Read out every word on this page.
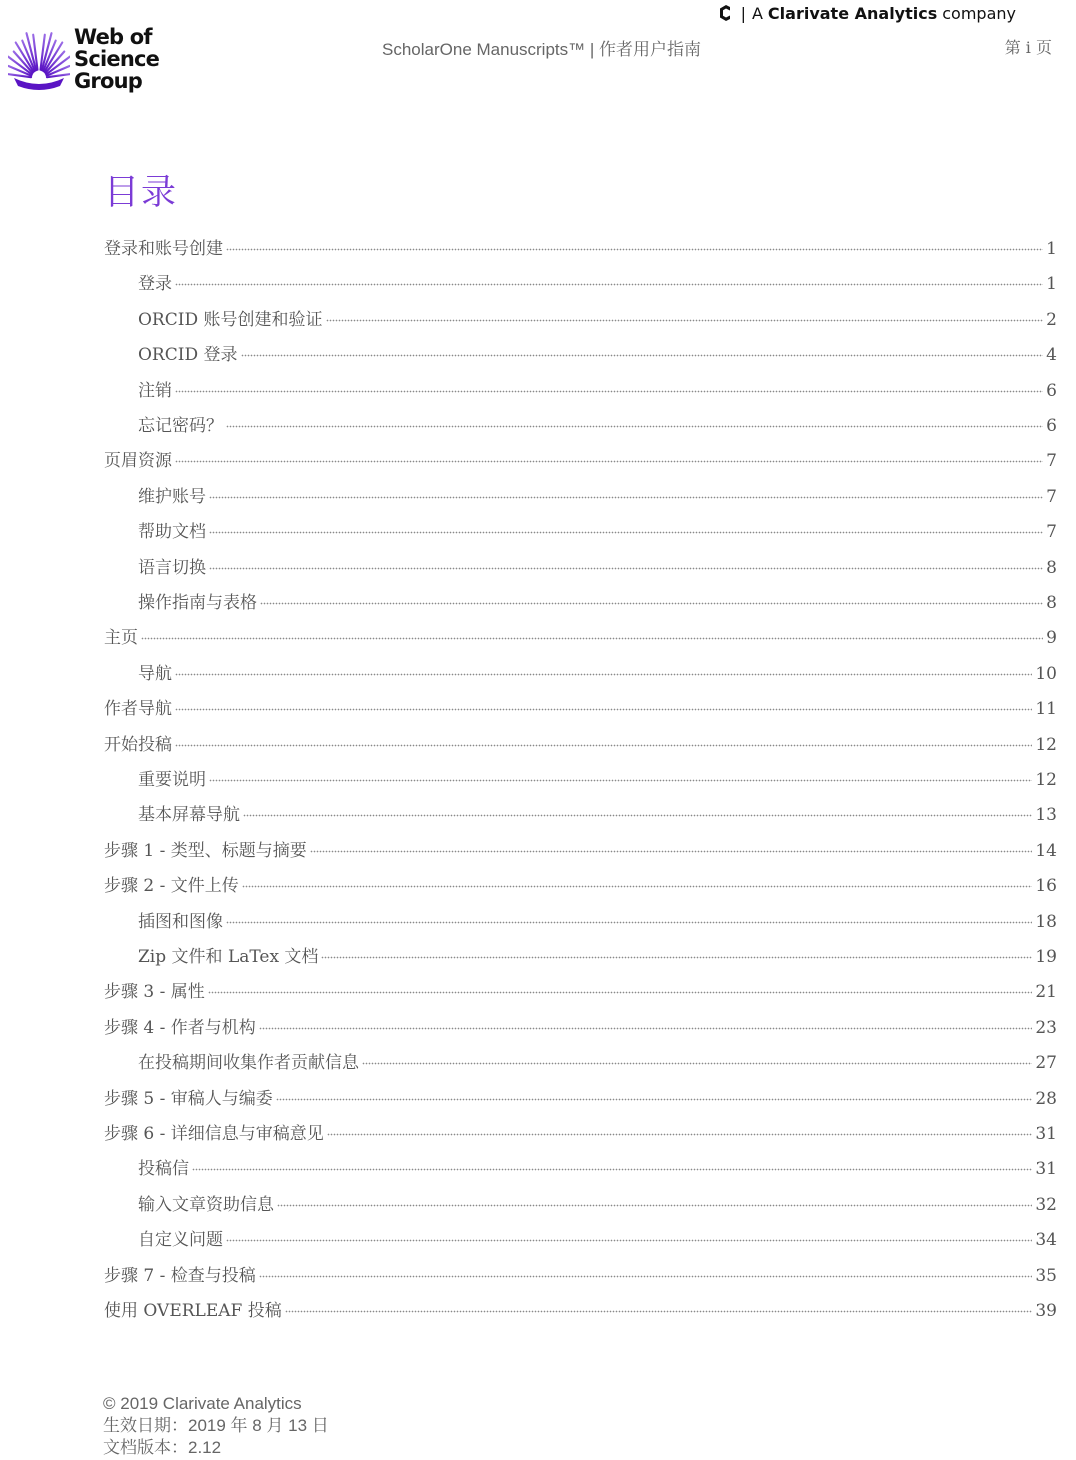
Web of
Science
Group
| A Clarivate Analytics company
ScholarOne Manuscripts™ | 作者用户指南	第 i 页
目录
登录和账号创建	1
登录	1
ORCID 账号创建和验证	2
ORCID 登录	4
注销	6
忘记密码？	6
页眉资源	7
维护账号	7
帮助文档	7
语言切换	8
操作指南与表格	8
主页	9
导航	10
作者导航	11
开始投稿	12
重要说明	12
基本屏幕导航	13
步骤 1 - 类型、标题与摘要	14
步骤 2 - 文件上传	16
插图和图像	18
Zip 文件和 LaTex 文档	19
步骤 3 - 属性	21
步骤 4 - 作者与机构	23
在投稿期间收集作者贡献信息	27
步骤 5 - 审稿人与编委	28
步骤 6 - 详细信息与审稿意见	31
投稿信	31
输入文章资助信息	32
自定义问题	34
步骤 7 - 检查与投稿	35
使用 OVERLEAF 投稿	39
© 2019 Clarivate Analytics
生效日期：2019 年 8 月 13 日
文档版本：2.12
